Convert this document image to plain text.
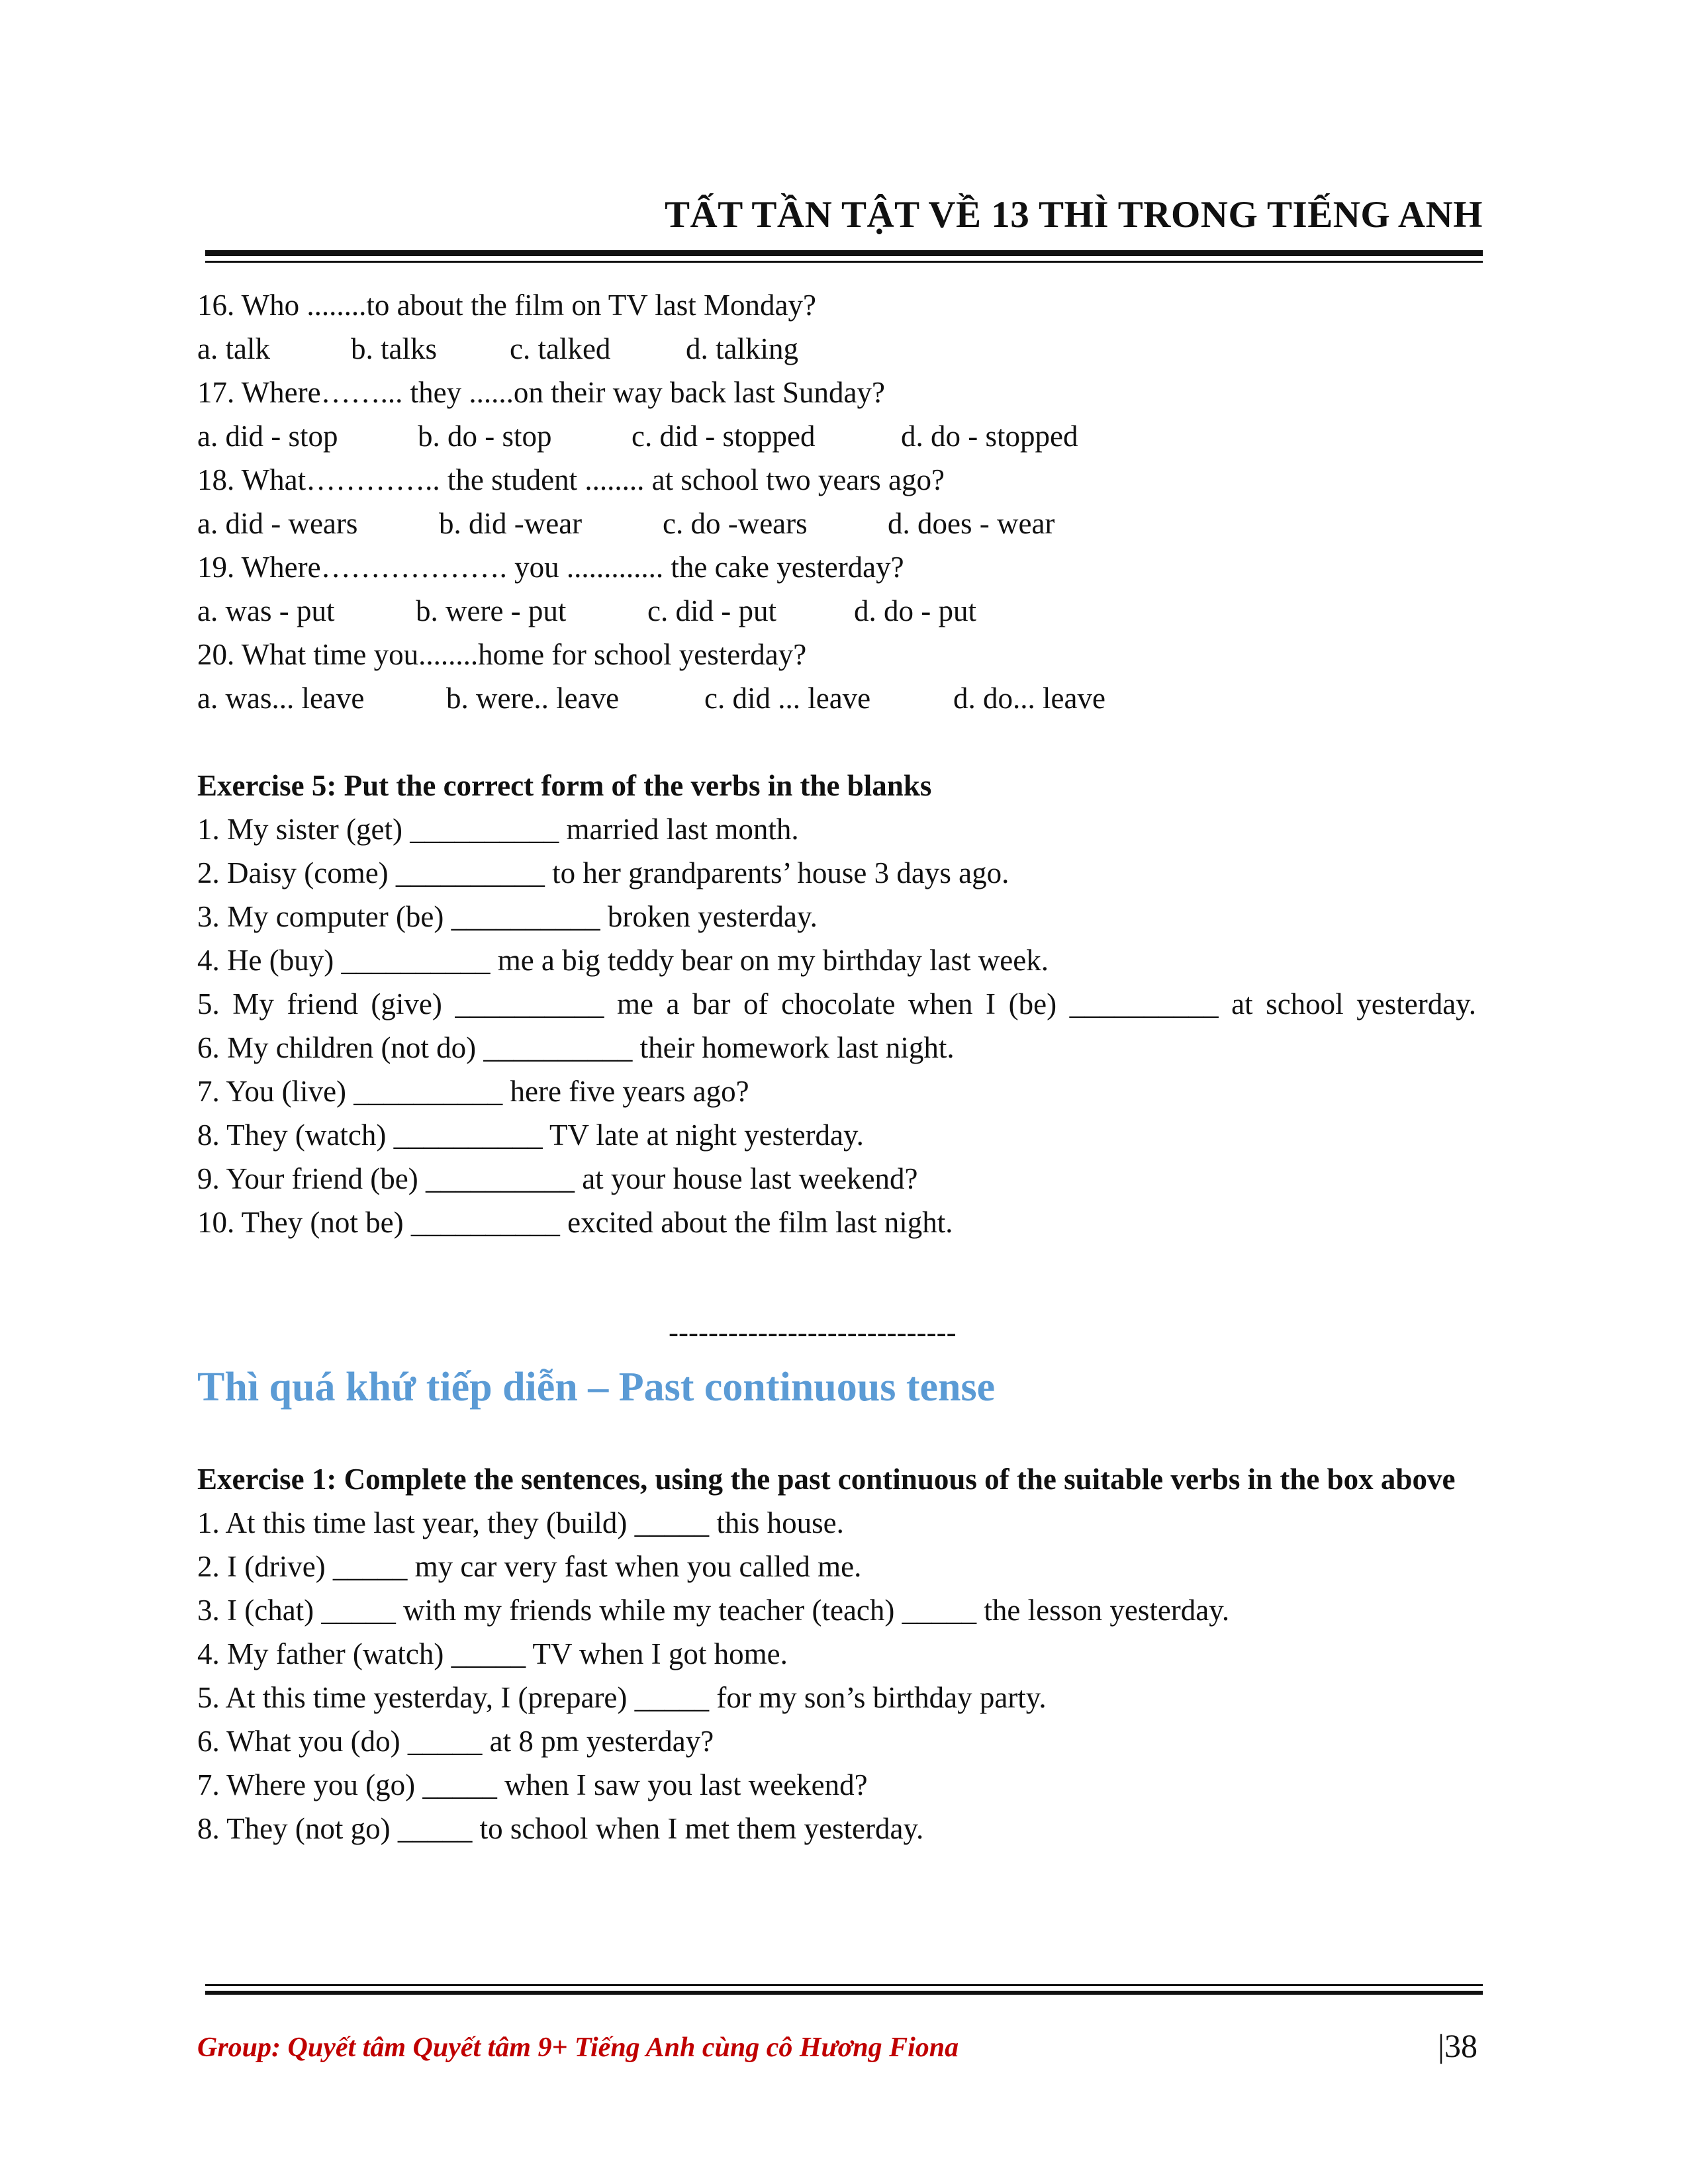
TẤT TẦN TẬT VỀ 13 THÌ TRONG TIẾNG ANH
16. Who ........to about the film on TV last Monday?
a. talk	b. talks	c. talked	d. talking
17. Where……... they ......on their way back last Sunday?
a. did - stop	b. do - stop	c. did - stopped	d. do - stopped
18. What………….. the student ........ at school two years ago?
a. did - wears	b. did -wear	c. do -wears	d. does - wear
19. Where………………. you ............. the cake yesterday?
a. was - put	b. were - put	c. did - put	d. do - put
20. What time you........home for school yesterday?
a. was... leave	b. were.. leave	c. did ... leave	d. do... leave
Exercise 5: Put the correct form of the verbs in the blanks
1. My sister (get) __________ married last month.
2. Daisy (come) __________ to her grandparents’ house 3 days ago.
3. My computer (be) __________ broken yesterday.
4. He (buy) __________ me a big teddy bear on my birthday last week.
5. My friend (give) __________ me a bar of chocolate when I (be) __________ at school yesterday.
6. My children (not do) __________ their homework last night.
7. You (live) __________ here five years ago?
8. They (watch) __________ TV late at night yesterday.
9. Your friend (be) __________ at your house last weekend?
10. They (not be) __________ excited about the film last night.
-----------------------------
Thì quá khứ tiếp diễn – Past continuous tense
Exercise 1: Complete the sentences, using the past continuous of the suitable verbs in the box above
1. At this time last year, they (build) _____ this house.
2. I (drive) _____ my car very fast when you called me.
3. I (chat) _____ with my friends while my teacher (teach) _____ the lesson yesterday.
4. My father (watch) _____ TV when I got home.
5. At this time yesterday, I (prepare) _____ for my son’s birthday party.
6. What you (do) _____ at 8 pm yesterday?
7. Where you (go) _____ when I saw you last weekend?
8. They (not go) _____ to school when I met them yesterday.
Group: Quyết tâm Quyết tâm 9+ Tiếng Anh cùng cô Hương Fiona	|38
